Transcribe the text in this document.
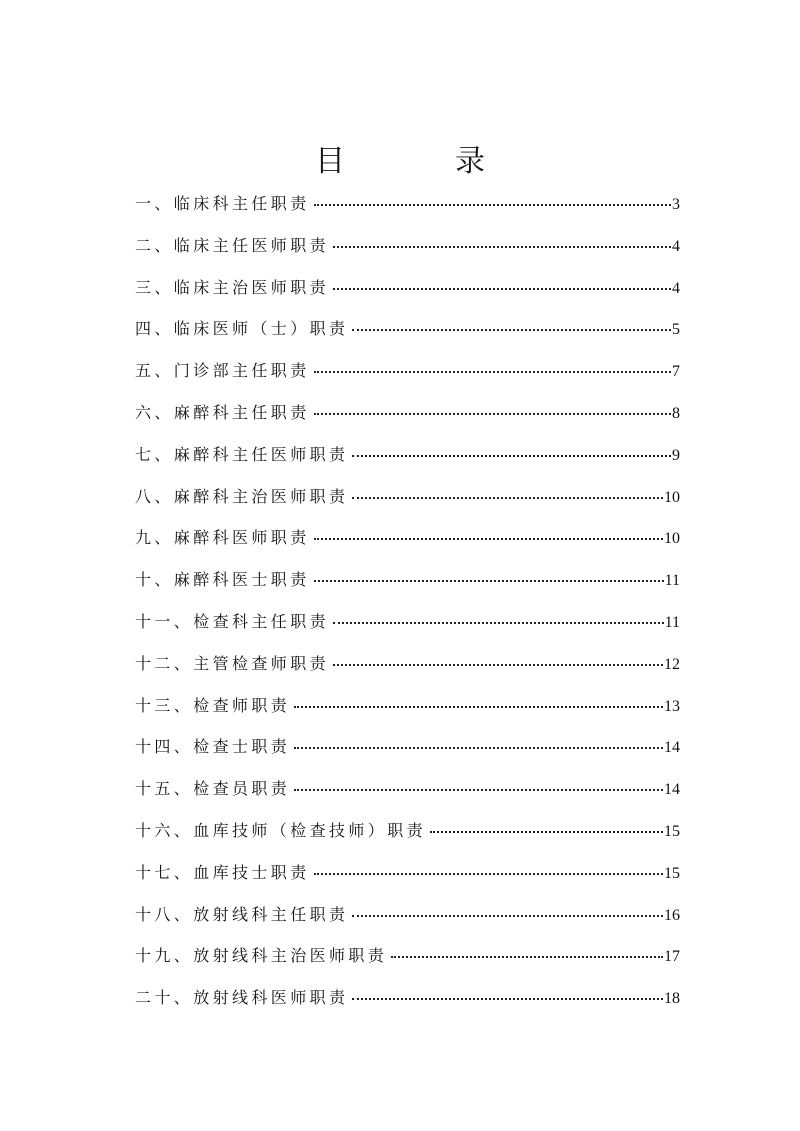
目　录
一、临床科主任职责	3
二、临床主任医师职责	4
三、临床主治医师职责	4
四、临床医师（士）职责	5
五、门诊部主任职责	7
六、麻醉科主任职责	8
七、麻醉科主任医师职责	9
八、麻醉科主治医师职责	10
九、麻醉科医师职责	10
十、麻醉科医士职责	11
十一、检查科主任职责	11
十二、主管检查师职责	12
十三、检查师职责	13
十四、检查士职责	14
十五、检查员职责	14
十六、血库技师（检查技师）职责	15
十七、血库技士职责	15
十八、放射线科主任职责	16
十九、放射线科主治医师职责	17
二十、放射线科医师职责	18
